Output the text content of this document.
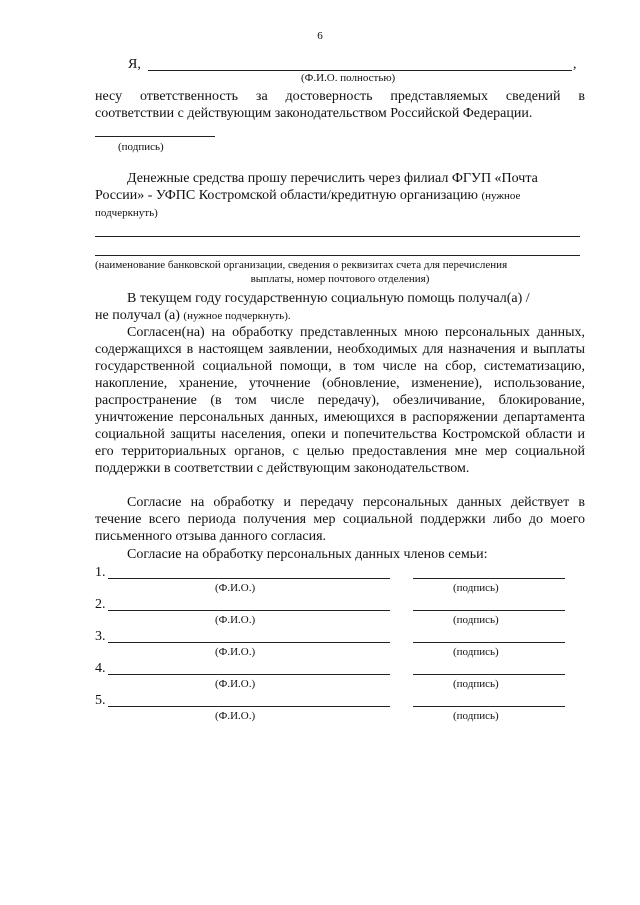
6
Я,	,
(Ф.И.О. полностью)
несу ответственность за достоверность представляемых сведений в
соответствии с действующим законодательством Российской Федерации.
(подпись)
Денежные средства прошу перечислить через филиал ФГУП «Почта
России» - УФПС Костромской области/кредитную организацию (нужное
подчеркнуть)
(наименование банковской организации, сведения о реквизитах счета для перечисления
выплаты, номер почтового отделения)
В текущем году государственную социальную помощь получал(а) /
не получал (а) (нужное подчеркнуть).
Согласен(на) на обработку представленных мною персональных данных, содержащихся в настоящем заявлении, необходимых для назначения и выплаты государственной социальной помощи, в том числе на сбор, систематизацию, накопление, хранение, уточнение (обновление, изменение), использование, распространение (в том числе передачу), обезличивание, блокирование, уничтожение персональных данных, имеющихся в распоряжении департамента социальной защиты населения, опеки и попечительства Костромской области и его территориальных органов, с целью предоставления мне мер социальной поддержки в соответствии с действующим законодательством.
Согласие на обработку и передачу персональных данных действует в течение всего периода получения мер социальной поддержки либо до моего письменного отзыва данного согласия.
Согласие на обработку персональных данных членов семьи:
1.
(Ф.И.О.)	(подпись)
2.
(Ф.И.О.)	(подпись)
3.
(Ф.И.О.)	(подпись)
4.
(Ф.И.О.)	(подпись)
5.
(Ф.И.О.)	(подпись)
